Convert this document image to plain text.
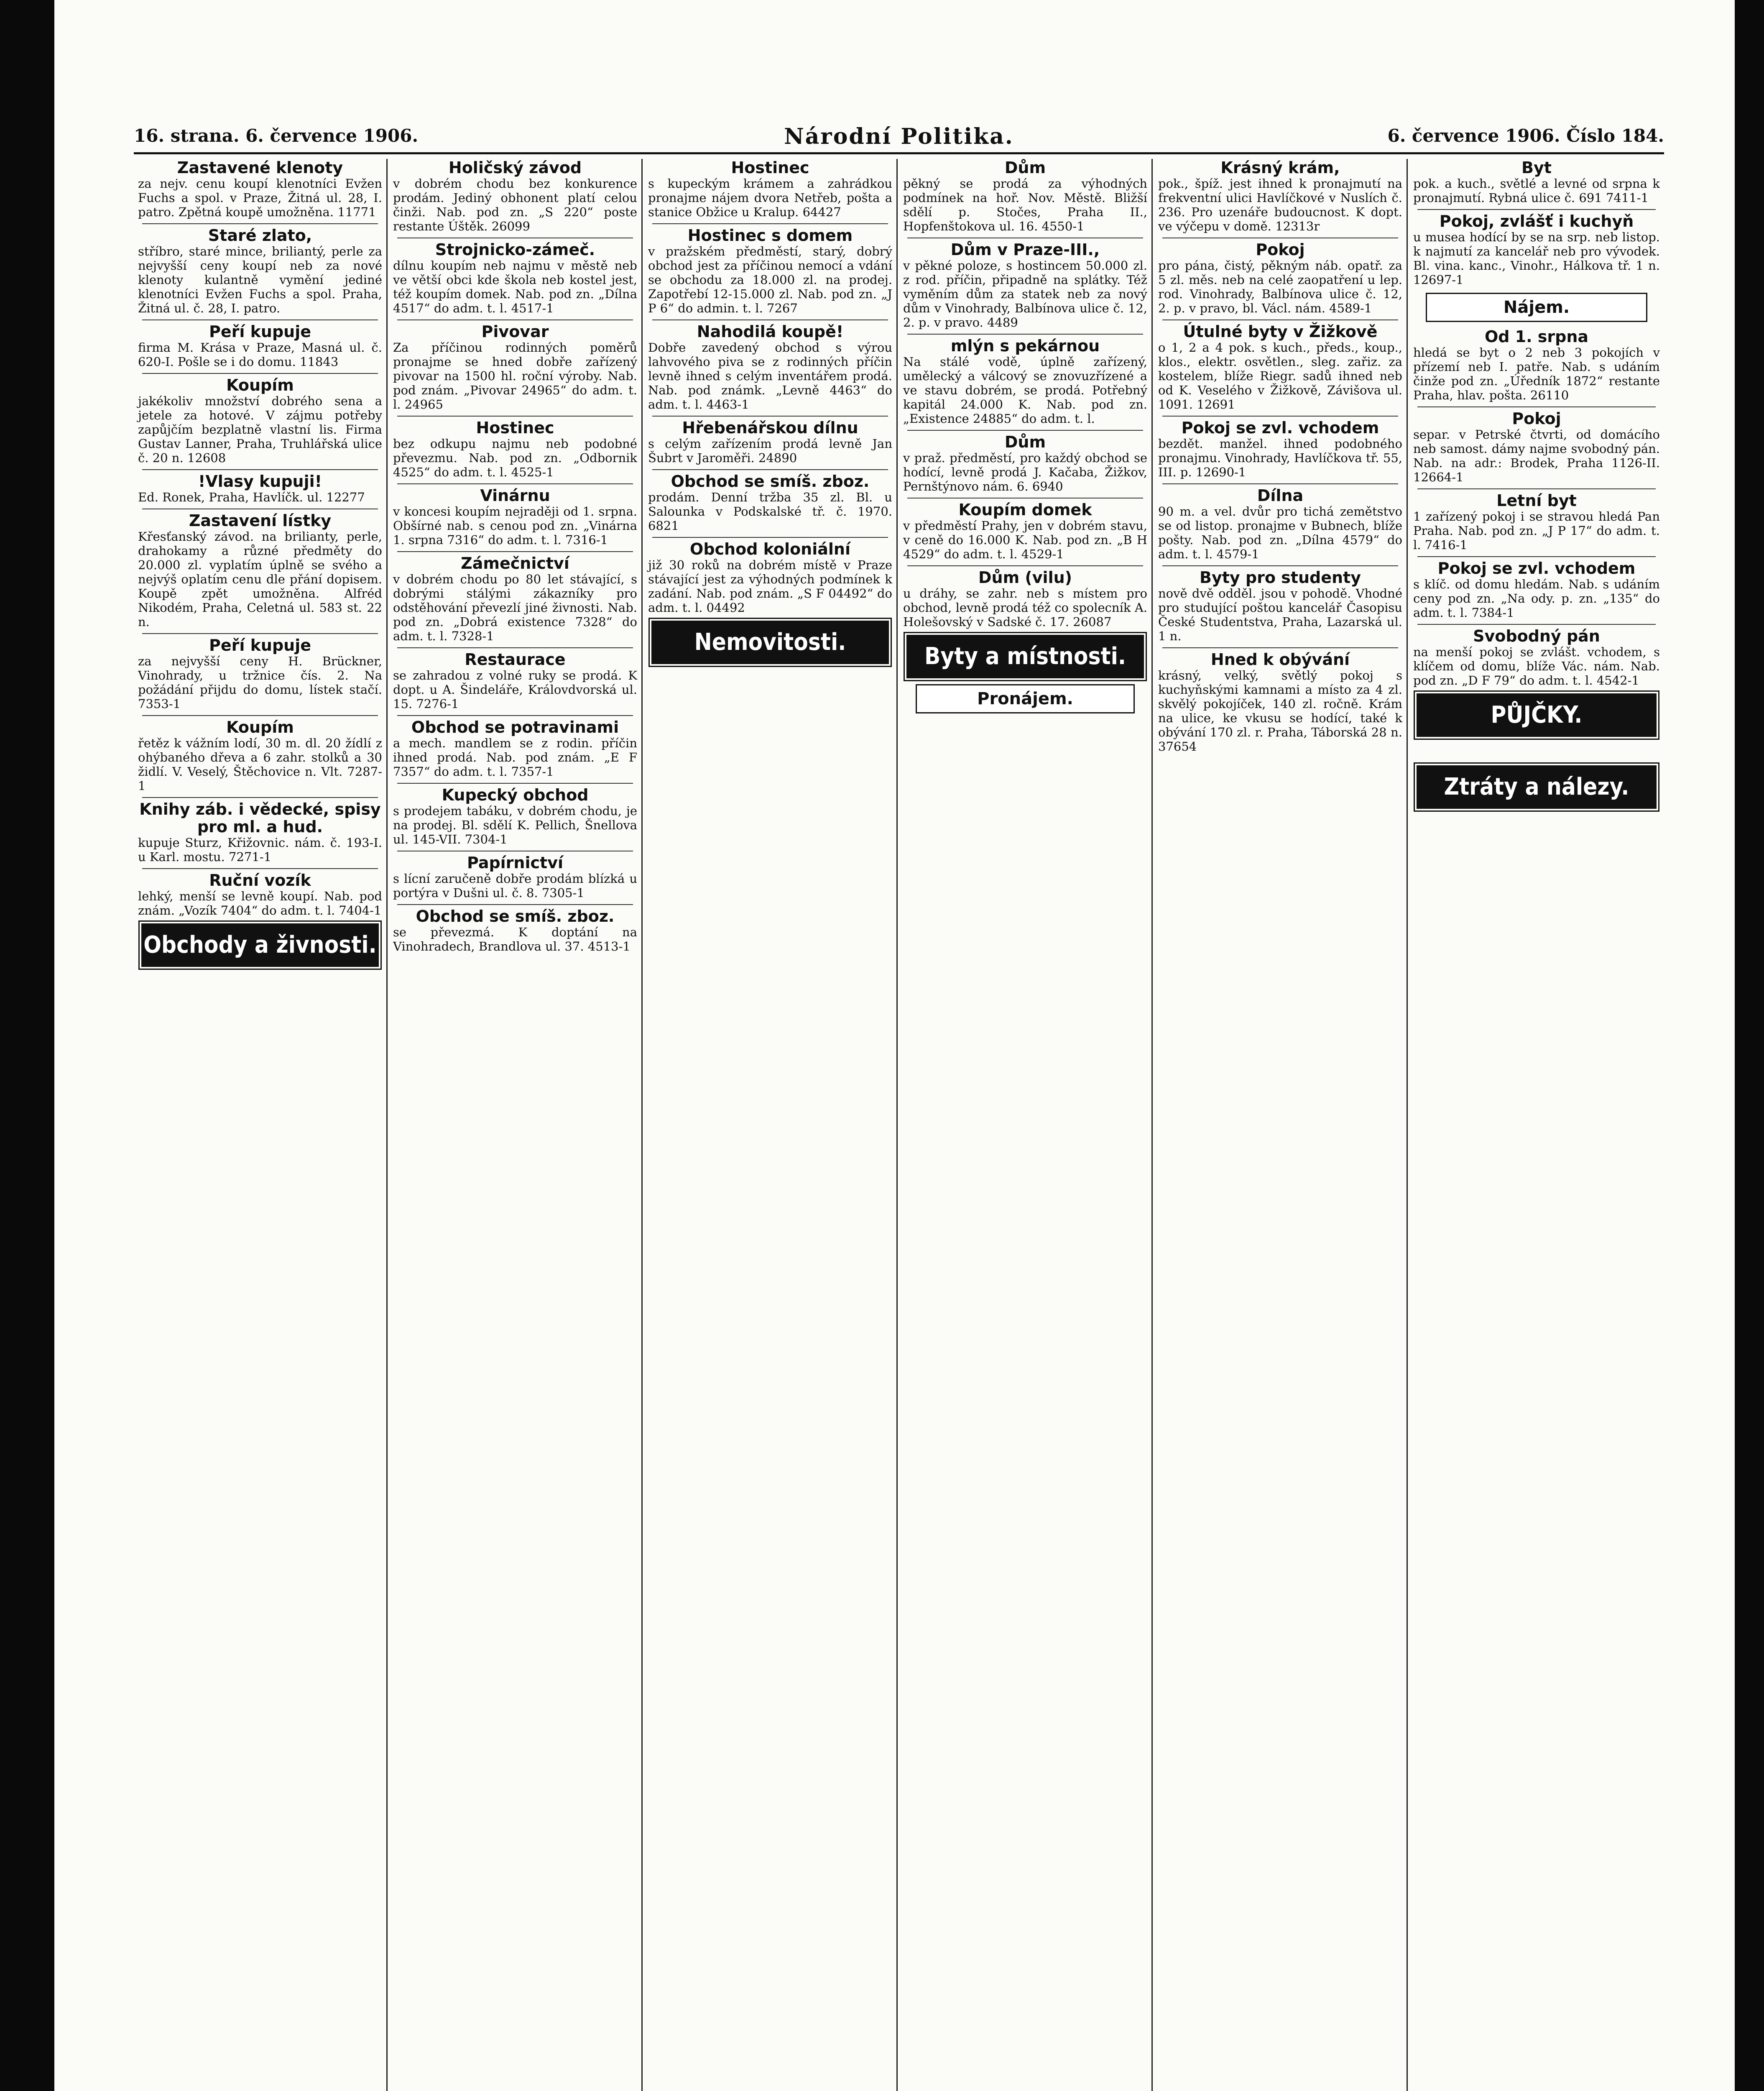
16. strana. 6. července 1906.	Národní Politika.	6. července 1906. Číslo 184.
Zastavené klenoty
za nejv. cenu koupí klenotníci Evžen Fuchs a spol. v Praze, Žitná ul. 28, I. patro. Zpětná koupě umožněna. 11771
Staré zlato,
stříbro, staré mince, briliantý, perle za nejvyšší ceny koupí neb za nové klenoty kulantně vymění jediné klenotníci Evžen Fuchs a spol. Praha, Žitná ul. č. 28, I. patro.
Peří kupuje
firma M. Krása v Praze, Masná ul. č. 620-I. Pošle se i do domu. 11843
Koupím
jakékoliv množství dobrého sena a jetele za hotové. V zájmu potřeby zapůjčím bezplatně vlastní lis. Firma Gustav Lanner, Praha, Truhlářská ulice č. 20 n. 12608
!Vlasy kupuji!
Ed. Ronek, Praha, Havlíčk. ul. 12277
Zastavení lístky
Křesťanský závod. na brilianty, perle, drahokamy a různé předměty do 20.000 zl. vyplatím úplně se svého a nejvýš oplatím cenu dle přání dopisem. Koupě zpět umožněna. Alfréd Nikodém, Praha, Celetná ul. 583 st. 22 n.
Peří kupuje
za nejvyšší ceny H. Brückner, Vinohrady, u tržnice čís. 2. Na požádání přijdu do domu, lístek stačí. 7353-1
Koupím
řetěz k vážním lodí, 30 m. dl. 20 žídlí z ohýbaného dřeva a 6 zahr. stolků a 30 židlí. V. Veselý, Štěchovice n. Vlt. 7287-1
Knihy záb. i vědecké, spisy pro ml. a hud.
kupuje Sturz, Křižovnic. nám. č. 193-I. u Karl. mostu. 7271-1
Ruční vozík
lehký, menší se levně koupí. Nab. pod znám. „Vozík 7404“ do adm. t. l. 7404-1
Obchody a živnosti.
Holičský závod
v dobrém chodu bez konkurence prodám. Jediný obhonent platí celou činži. Nab. pod zn. „S 220“ poste restante Úštěk. 26099
Strojnicko-zámeč.
dílnu koupím neb najmu v městě neb ve větší obci kde škola neb kostel jest, též koupím domek. Nab. pod zn. „Dílna 4517“ do adm. t. l. 4517-1
Pivovar
Za příčinou rodinných poměrů pronajme se hned dobře zařízený pivovar na 1500 hl. roční výroby. Nab. pod znám. „Pivovar 24965“ do adm. t. l. 24965
Hostinec
bez odkupu najmu neb podobné převezmu. Nab. pod zn. „Odbornik 4525“ do adm. t. l. 4525-1
Vinárnu
v koncesi koupím nejraději od 1. srpna. Obšírné nab. s cenou pod zn. „Vinárna 1. srpna 7316“ do adm. t. l. 7316-1
Zámečnictví
v dobrém chodu po 80 let stávající, s dobrými stálými zákazníky pro odstěhování převezlí jiné živnosti. Nab. pod zn. „Dobrá existence 7328“ do adm. t. l. 7328-1
Restaurace
se zahradou z volné ruky se prodá. K dopt. u A. Šindeláře, Královdvorská ul. 15. 7276-1
Obchod se potravinami
a mech. mandlem se z rodin. příčin ihned prodá. Nab. pod znám. „E F 7357“ do adm. t. l. 7357-1
Kupecký obchod
s prodejem tabáku, v dobrém chodu, je na prodej. Bl. sdělí K. Pellich, Šnellova ul. 145-VII. 7304-1
Papírnictví
s lícní zaručeně dobře prodám blízká u portýra v Dušni ul. č. 8. 7305-1
Obchod se smíš. zboz.
se převezmá. K doptání na Vinohradech, Brandlova ul. 37. 4513-1
Hostinec
s kupeckým krámem a zahrádkou pronajme nájem dvora Netřeb, pošta a stanice Obžice u Kralup. 64427
Hostinec s domem
v pražském předměstí, starý, dobrý obchod jest za příčinou nemocí a vdání se obchodu za 18.000 zl. na prodej. Zapotřebí 12-15.000 zl. Nab. pod zn. „J P 6“ do admin. t. l. 7267
Nahodilá koupě!
Dobře zavedený obchod s výrou lahvového piva se z rodinných příčin levně ihned s celým inventářem prodá. Nab. pod známk. „Levně 4463“ do adm. t. l. 4463-1
Hřebenářskou dílnu
s celým zařízením prodá levně Jan Šubrt v Jaroměři. 24890
Obchod se smíš. zboz.
prodám. Denní tržba 35 zl. Bl. u Salounka v Podskalské tř. č. 1970. 6821
Obchod koloniální
již 30 roků na dobrém místě v Praze stávající jest za výhodných podmínek k zadání. Nab. pod znám. „S F 04492“ do adm. t. l. 04492
Nemovitosti.
Dům
pěkný se prodá za výhodných podmínek na hoř. Nov. Městě. Bližší sdělí p. Stočes, Praha II., Hopfenštokova ul. 16. 4550-1
Dům v Praze-III.,
v pěkné poloze, s hostincem 50.000 zl. z rod. příčin, připadně na splátky. Též vyměním dům za statek neb za nový dům v Vinohrady, Balbínova ulice č. 12, 2. p. v pravo. 4489
mlýn s pekárnou
Na stálé vodě, úplně zařízený, umělecký a válcový se znovuzřízené a ve stavu dobrém, se prodá. Potřebný kapitál 24.000 K. Nab. pod zn. „Existence 24885“ do adm. t. l.
Dům
v praž. předměstí, pro každý obchod se hodící, levně prodá J. Kačaba, Žižkov, Pernštýnovo nám. 6. 6940
Koupím domek
v předměstí Prahy, jen v dobrém stavu, v ceně do 16.000 K. Nab. pod zn. „B H 4529“ do adm. t. l. 4529-1
Dům (vilu)
u dráhy, se zahr. neb s místem pro obchod, levně prodá též co spolecník A. Holešovský v Sadské č. 17. 26087
Byty a místnosti.
Pronájem.
Krásný krám,
pok., špíž. jest ihned k pronajmutí na frekventní ulici Havlíčkové v Nuslích č. 236. Pro uzenáře budoucnost. K dopt. ve výčepu v domě. 12313r
Pokoj
pro pána, čistý, pěkným náb. opatř. za 5 zl. měs. neb na celé zaopatření u lep. rod. Vinohrady, Balbínova ulice č. 12, 2. p. v pravo, bl. Václ. nám. 4589-1
Útulné byty v Žižkově
o 1, 2 a 4 pok. s kuch., předs., koup., klos., elektr. osvětlen., sleg. zařiz. za kostelem, blíže Riegr. sadů ihned neb od K. Veselého v Žižkově, Závišova ul. 1091. 12691
Pokoj se zvl. vchodem
bezdět. manžel. ihned podobného pronajmu. Vinohrady, Havlíčkova tř. 55, III. p. 12690-1
Dílna
90 m. a vel. dvůr pro tichá zemětstvo se od listop. pronajme v Bubnech, blíže pošty. Nab. pod zn. „Dílna 4579“ do adm. t. l. 4579-1
Byty pro studenty
nově dvě odděl. jsou v pohodě. Vhodné pro studující poštou kancelář Časopisu České Studentstva, Praha, Lazarská ul. 1 n.
Hned k obývání
krásný, velký, světlý pokoj s kuchyňskými kamnami a místo za 4 zl. skvělý pokojíček, 140 zl. ročně. Krám na ulice, ke vkusu se hodící, také k obývání 170 zl. r. Praha, Táborská 28 n. 37654
Byt
pok. a kuch., světlé a levné od srpna k pronajmutí. Rybná ulice č. 691 7411-1
Pokoj, zvlášť i kuchyň
u musea hodící by se na srp. neb listop. k najmutí za kancelář neb pro vývodek. Bl. vina. kanc., Vinohr., Hálkova tř. 1 n. 12697-1
Nájem.
Od 1. srpna
hledá se byt o 2 neb 3 pokojích v přízemí neb I. patře. Nab. s udáním činže pod zn. „Úředník 1872“ restante Praha, hlav. pošta. 26110
Pokoj
separ. v Petrské čtvrti, od domácího neb samost. dámy najme svobodný pán. Nab. na adr.: Brodek, Praha 1126-II. 12664-1
Letní byt
1 zařízený pokoj i se stravou hledá Pan Praha. Nab. pod zn. „J P 17“ do adm. t. l. 7416-1
Pokoj se zvl. vchodem
s klíč. od domu hledám. Nab. s udáním ceny pod zn. „Na ody. p. zn. „135“ do adm. t. l. 7384-1
Svobodný pán
na menší pokoj se zvlášt. vchodem, s klíčem od domu, blíže Vác. nám. Nab. pod zn. „D F 79“ do adm. t. l. 4542-1
PŮJČKY.
Ztráty a nálezy.
